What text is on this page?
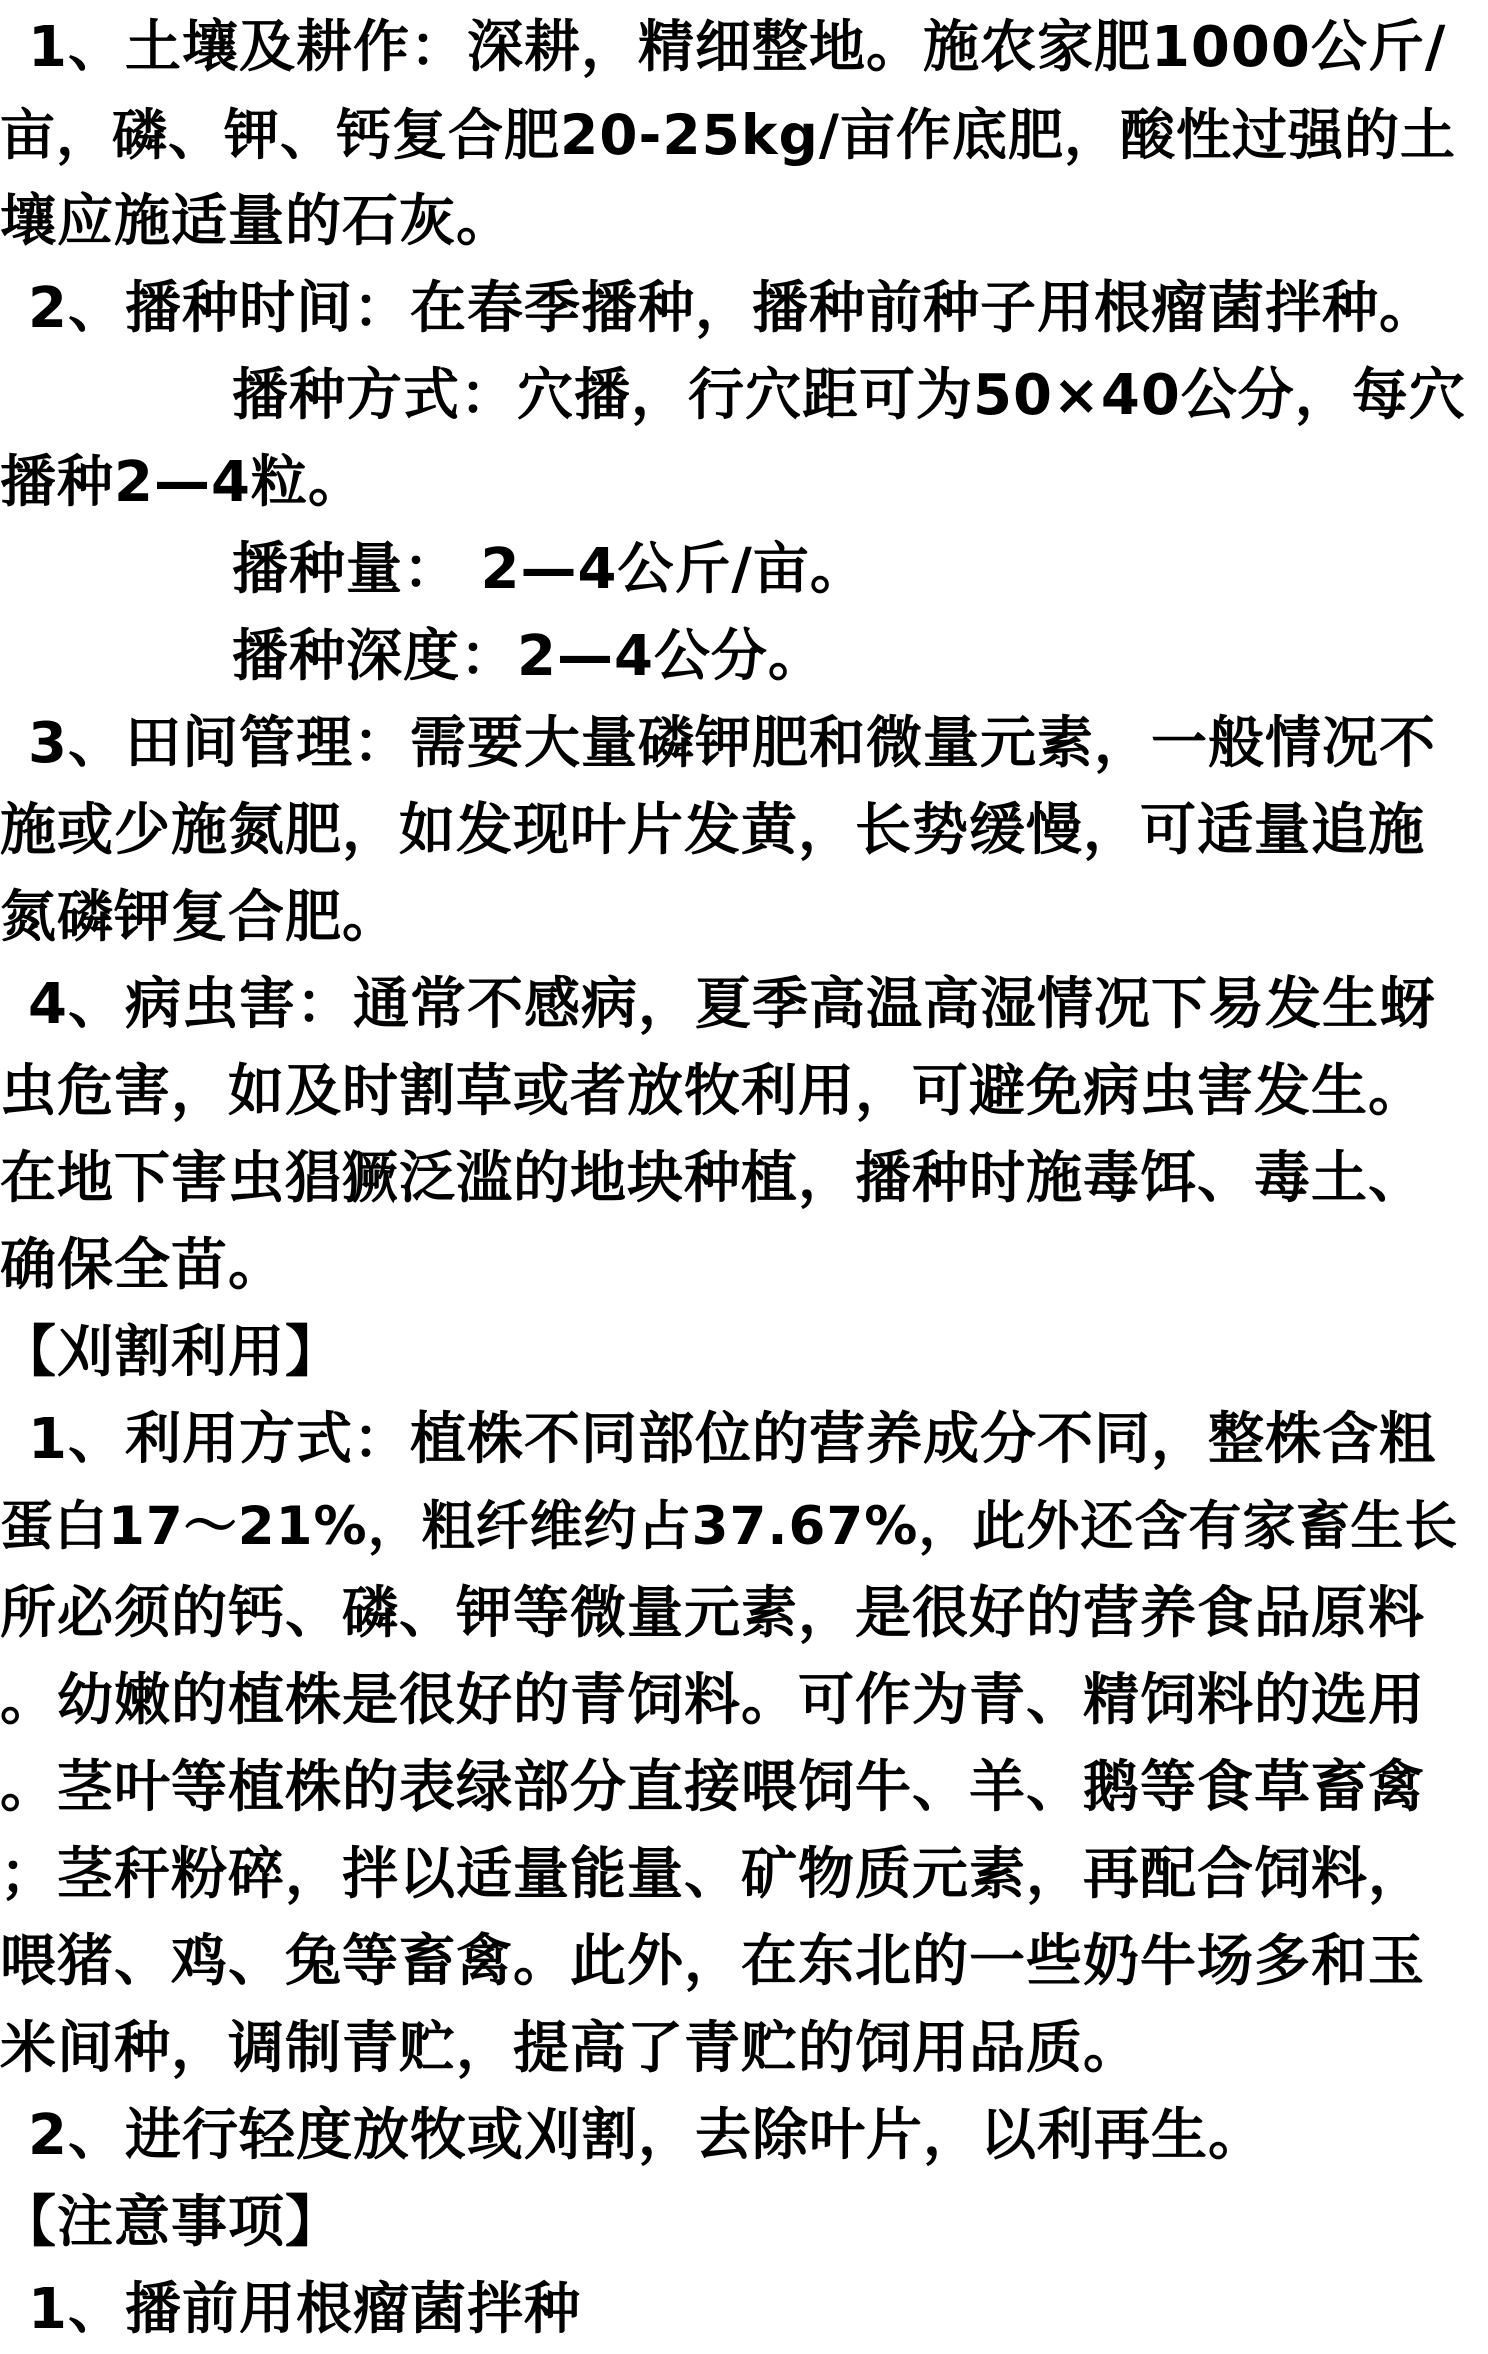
1、土壤及耕作：深耕，精细整地。施农家肥1000公斤/
亩，磷、钾、钙复合肥20-25kg/亩作底肥，酸性过强的土
壤应施适量的石灰。
2、播种时间：在春季播种，播种前种子用根瘤菌拌种。
播种方式：穴播，行穴距可为50×40公分，每穴
播种2—4粒。
播种量： 2—4公斤/亩。
播种深度：2—4公分。
3、田间管理：需要大量磷钾肥和微量元素，一般情况不
施或少施氮肥，如发现叶片发黄，长势缓慢，可适量追施
氮磷钾复合肥。
4、病虫害：通常不感病，夏季高温高湿情况下易发生蚜
虫危害，如及时割草或者放牧利用，可避免病虫害发生。
在地下害虫猖獗泛滥的地块种植，播种时施毒饵、毒土、
确保全苗。
【刈割利用】
1、利用方式：植株不同部位的营养成分不同，整株含粗
蛋白17～21%，粗纤维约占37.67%，此外还含有家畜生长
所必须的钙、磷、钾等微量元素，是很好的营养食品原料
。幼嫩的植株是很好的青饲料。可作为青、精饲料的选用
。茎叶等植株的表绿部分直接喂饲牛、羊、鹅等食草畜禽
；茎秆粉碎，拌以适量能量、矿物质元素，再配合饲料，
喂猪、鸡、兔等畜禽。此外，在东北的一些奶牛场多和玉
米间种，调制青贮，提高了青贮的饲用品质。
2、进行轻度放牧或刈割，去除叶片，以利再生。
【注意事项】
1、播前用根瘤菌拌种
